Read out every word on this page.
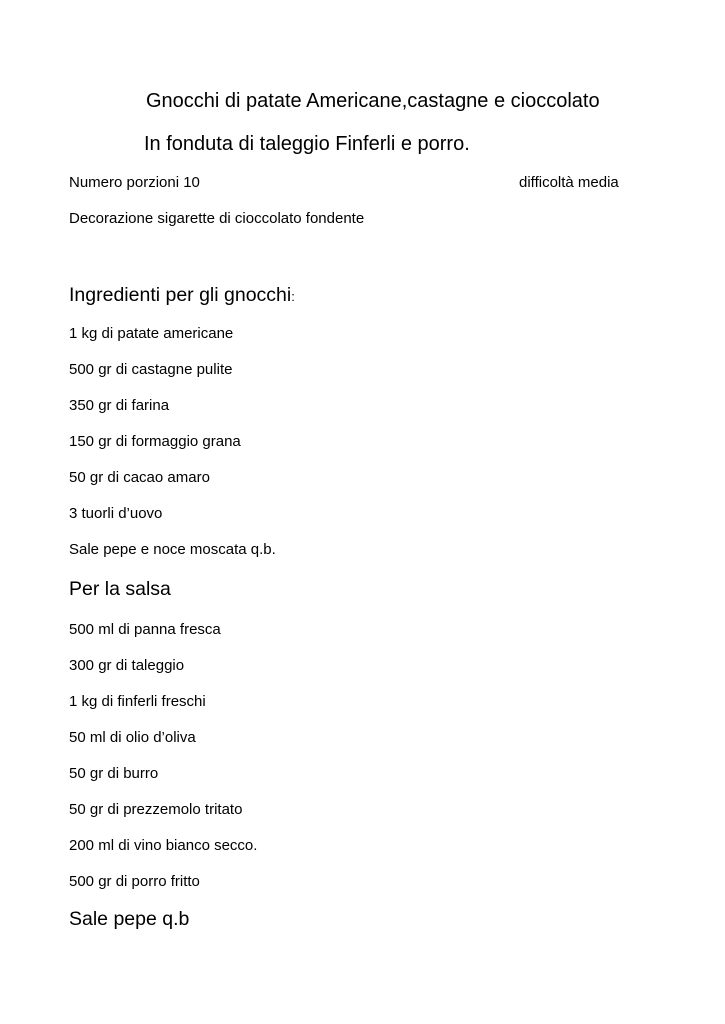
Gnocchi di patate Americane,castagne e cioccolato
In fonduta di taleggio Finferli e porro.
Numero porzioni 10	difficoltà media
Decorazione sigarette di cioccolato fondente
Ingredienti per gli gnocchi:
1 kg di patate americane
500 gr di castagne pulite
350 gr di farina
150 gr di formaggio grana
50 gr di cacao amaro
3 tuorli d’uovo
Sale pepe e noce moscata q.b.
Per la salsa
500 ml di panna fresca
300 gr di taleggio
1 kg di finferli freschi
50 ml di olio d’oliva
50 gr di burro
50 gr di prezzemolo tritato
200 ml di vino bianco secco.
500 gr di porro fritto
Sale pepe q.b
